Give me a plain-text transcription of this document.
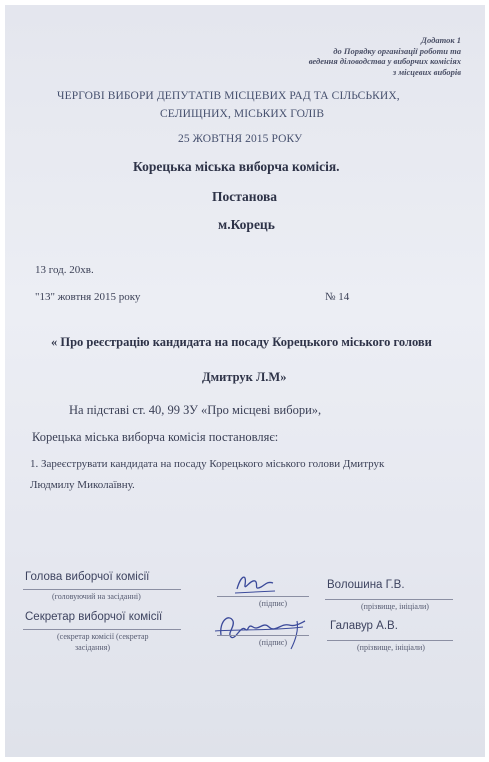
Додаток 1
до Порядку організації роботи та
ведення діловодства у виборчих комісіях
з місцевих виборів
ЧЕРГОВІ ВИБОРИ ДЕПУТАТІВ МІСЦЕВИХ РАД ТА СІЛЬСЬКИХ,
СЕЛИЩНИХ, МІСЬКИХ ГОЛІВ
25 ЖОВТНЯ 2015 РОКУ
Корецька міська виборча комісія.
Постанова
м.Корець
13 год. 20хв.
"13" жовтня 2015 року	№ 14
« Про реєстрацію кандидата на посаду Корецького міського голови
Дмитрук Л.М»
На підставі ст. 40, 99 ЗУ «Про місцеві вибори»,
Корецька міська виборча комісія постановляє:
1. Зареєструвати кандидата на посаду Корецького міського голови Дмитрук
Людмилу Миколаївну.
Голова виборчої комісії
(головуючий на засіданні)
(підпис)
Волошина Г.В.
(прізвище, ініціали)
Секретар виборчої комісії
(секретар комісії (секретар
засідання)
(підпис)
Галавур А.В.
(прізвище, ініціали)
